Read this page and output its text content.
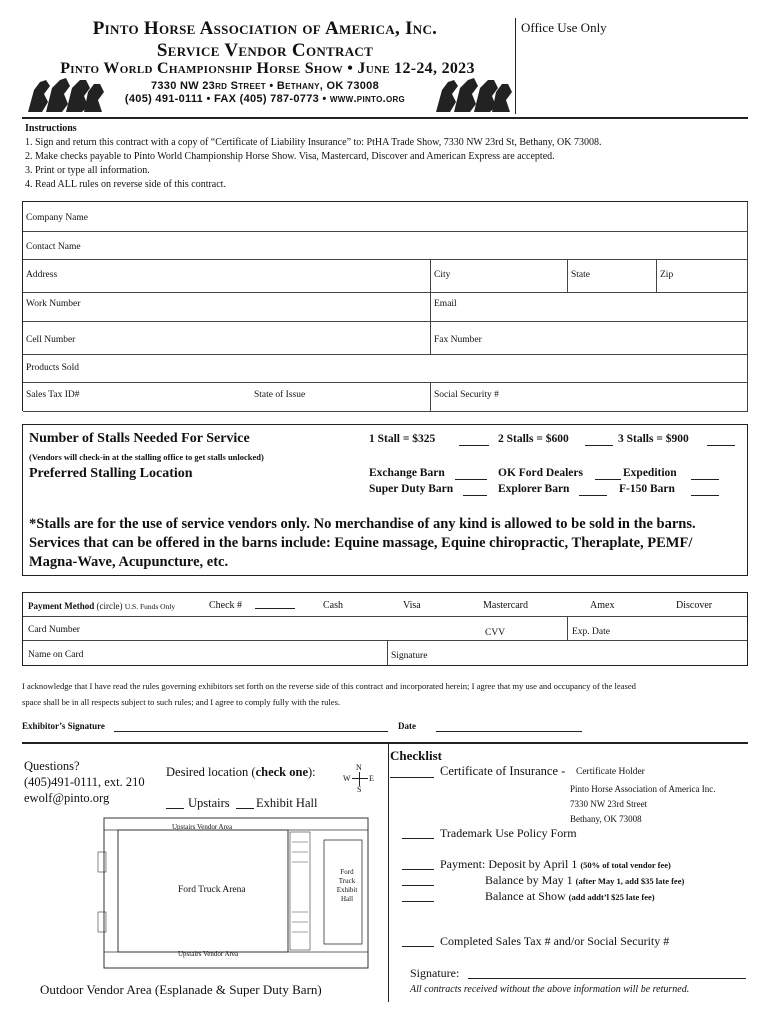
Pinto Horse Association of America, Inc.
Service Vendor Contract
Pinto World Championship Horse Show • June 12-24, 2023
7330 NW 23rd Street • Bethany, OK 73008
(405) 491-0111 • FAX (405) 787-0773 • www.pinto.org
Office Use Only
Instructions
1. Sign and return this contract with a copy of “Certificate of Liability Insurance” to: PtHA Trade Show, 7330 NW 23rd St, Bethany, OK 73008.
2. Make checks payable to Pinto World Championship Horse Show. Visa, Mastercard, Discover and American Express are accepted.
3. Print or type all information.
4. Read ALL rules on reverse side of this contract.
Company Name
Contact Name
Address	City	State	Zip
Work Number	Email
Cell Number	Fax Number
Products Sold
Sales Tax ID#	State of Issue	Social Security #
Number of Stalls Needed For Service
(Vendors will check-in at the stalling office to get stalls unlocked)
Preferred Stalling Location
1 Stall = $325	2 Stalls = $600	3 Stalls = $900
Exchange Barn	OK Ford Dealers	Expedition
Super Duty Barn	Explorer Barn	F-150 Barn
*Stalls are for the use of service vendors only. No merchandise of any kind is allowed to be sold in the barns.
Services that can be offered in the barns include: Equine massage, Equine chiropractic, Theraplate, PEMF/
Magna-Wave, Acupuncture, etc.
Payment Method (circle) U.S. Funds Only	Check #	Cash	Visa	Mastercard	Amex	Discover
Card Number	CVV	Exp. Date
Name on Card	Signature
I acknowledge that I have read the rules governing exhibitors set forth on the reverse side of this contract and incorporated herein; I agree that my use and occupancy of the leased
space shall be in all respects subject to such rules; and I agree to comply fully with the rules.
Exhibitor’s Signature	Date
Questions?
(405)491-0111, ext. 210
ewolf@pinto.org
Desired location (check one):	N
W E
S
Upstairs Exhibit Hall
Upstairs Vendor Area
Ford Truck Arena
Upstairs Vendor Area
Ford
Truck
Exhibit
Hall
Outdoor Vendor Area (Esplanade & Super Duty Barn)
Checklist
Certificate of Insurance - Certificate Holder
Pinto Horse Association of America Inc.
7330 NW 23rd Street
Bethany, OK 73008
Trademark Use Policy Form
Payment: Deposit by April 1 (50% of total vendor fee)
Balance by May 1 (after May 1, add $35 late fee)
Balance at Show (add addt’l $25 late fee)
Completed Sales Tax # and/or Social Security #
Signature:
All contracts received without the above information will be returned.
